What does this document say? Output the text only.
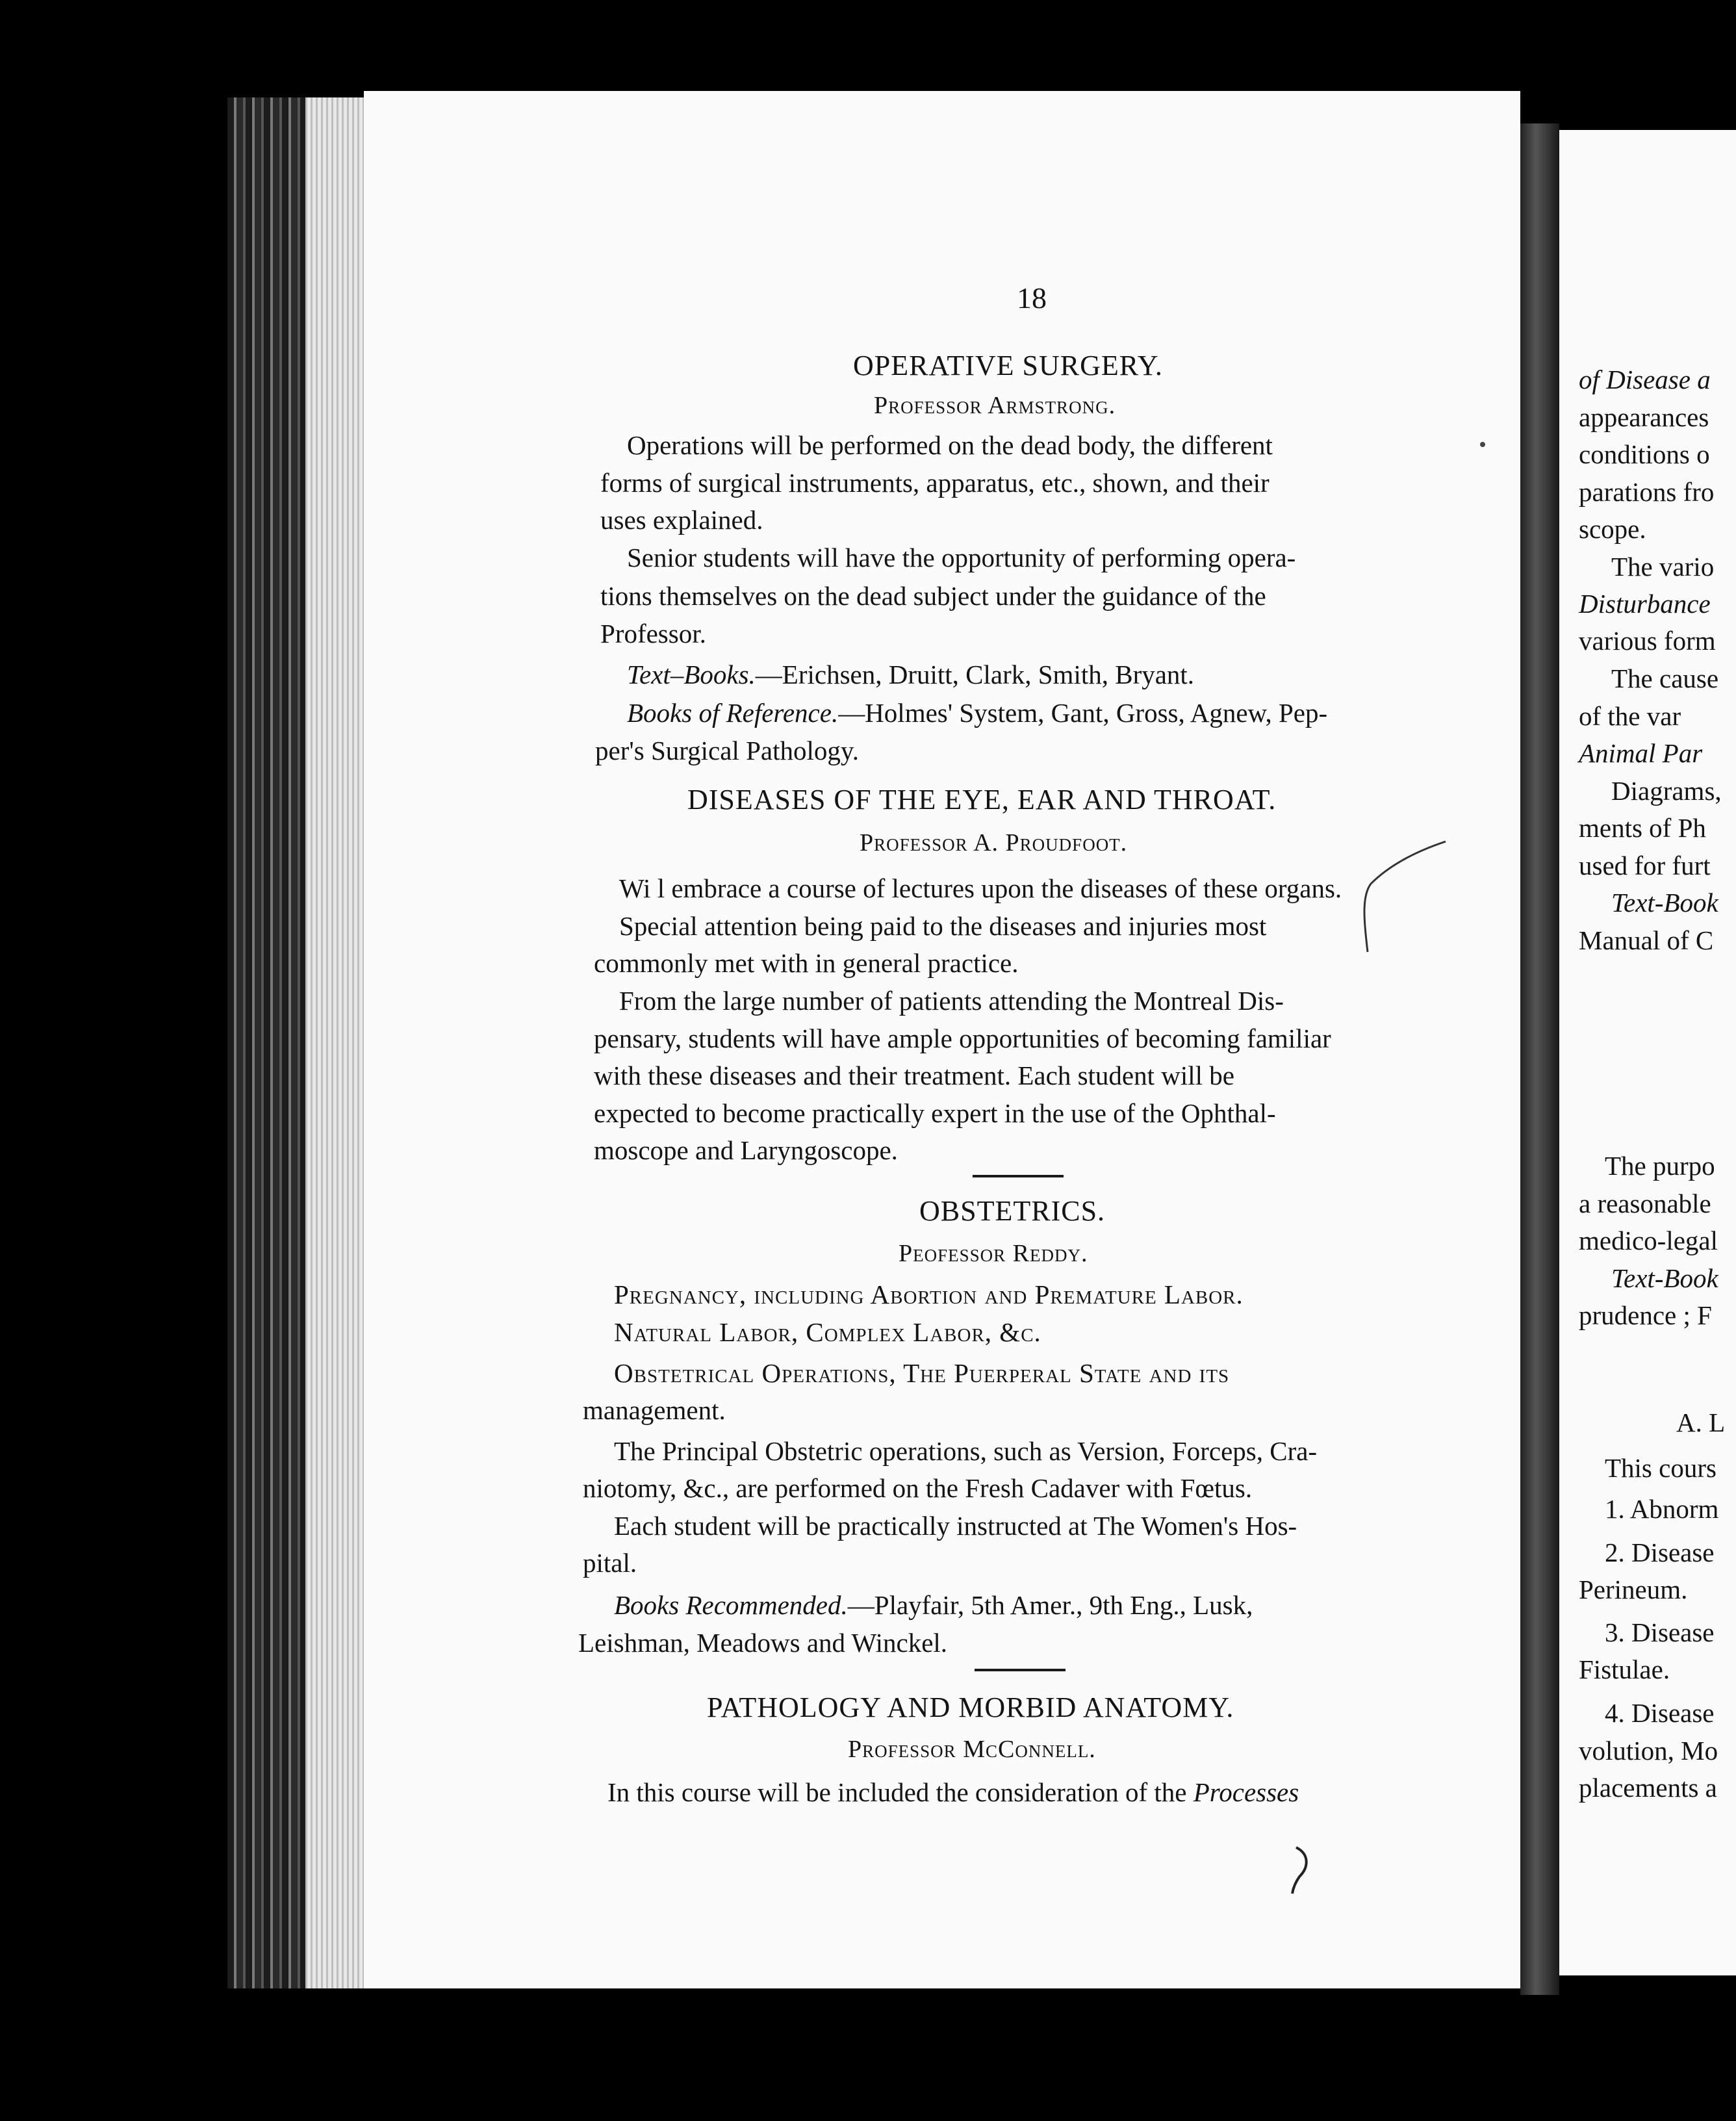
18
OPERATIVE SURGERY.
Professor Armstrong.
Operations will be performed on the dead body, the different
forms of surgical instruments, apparatus, etc., shown, and their
uses explained.
Senior students will have the opportunity of performing opera-
tions themselves on the dead subject under the guidance of the
Professor.
Text–Books.—Erichsen, Druitt, Clark, Smith, Bryant.
Books of Reference.—Holmes' System, Gant, Gross, Agnew, Pep-
per's Surgical Pathology.
DISEASES OF THE EYE, EAR AND THROAT.
Professor A. Proudfoot.
Wi l embrace a course of lectures upon the diseases of these organs.
Special attention being paid to the diseases and injuries most
commonly met with in general practice.
From the large number of patients attending the Montreal Dis-
pensary, students will have ample opportunities of becoming familiar
with these diseases and their treatment. Each student will be
expected to become practically expert in the use of the Ophthal-
moscope and Laryngoscope.
OBSTETRICS.
Peofessor Reddy.
Pregnancy, including Abortion and Premature Labor.
Natural Labor, Complex Labor, &c.
Obstetrical Operations, The Puerperal State and its
management.
The Principal Obstetric operations, such as Version, Forceps, Cra-
niotomy, &c., are performed on the Fresh Cadaver with Fœtus.
Each student will be practically instructed at The Women's Hos-
pital.
Books Recommended.—Playfair, 5th Amer., 9th Eng., Lusk,
Leishman, Meadows and Winckel.
PATHOLOGY AND MORBID ANATOMY.
Professor McConnell.
In this course will be included the consideration of the Processes
of Disease a
appearances
conditions o
parations fro
scope.
The vario
Disturbance
various form
The cause
of the var
Animal Par
Diagrams,
ments of Ph
used for furt
Text-Book
Manual of C
The purpo
a reasonable
medico-legal
Text-Book
prudence ; F
A. L
This cours
1. Abnorm
2. Disease
Perineum.
3. Disease
Fistulae.
4. Disease
volution, Mo
placements a
